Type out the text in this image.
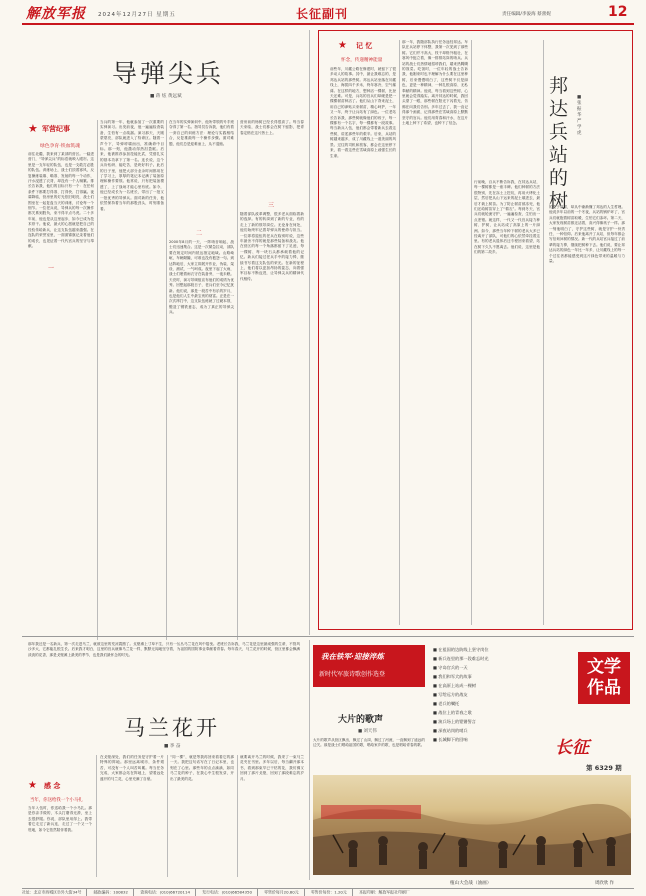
解放军报 2024年12月27日 星期五	长征副刊	责任编辑/李浚海 蔡蕾妮	12
导弹尖兵
■ 蒋 炫 黄远斌
★ 军营纪事
绿色孕育·铁血筑魂
前往北疆，我来到了某部的营区。一踏进营门，“导弹尖兵”的标语就映入眼帘。这里是一支年轻的队伍，也是一支敢打必胜的队伍。训练场上，战士们顶着寒风，反复操练装填、瞄准、发射的每一个动作，汗水浸透了衣背，却没有一个人喊累。排长告诉我，他们的目标只有一个：在任何条件下都要打得准、打得快、打得赢。夜幕降临，营房里的灯光依旧明亮，战士们围坐在一起复盘当天的训练，讨论每一个细节。一位老兵说，导弹兵的每一次操作都关系到胜负，来不得半点马虎。二十多年前，他也是从这里起步，如今已成为技术骨干。他说，最大的心愿就是把自己的经验传给新兵，让这支队伍越来越强。在连队的荣誉室里，一面面锦旗记录着他们的成长，也见证着一代代官兵的坚守与奉献。
当兵的第一年，他就参加了一次重要的实弹演习。出发前夜，他一遍遍检查装备，生怕有一点疏漏。演习那天，天刚蒙蒙亮，部队就进入了待命区。随着一声令下，导弹呼啸而出，准确命中目标。那一刻，他激动得热泪盈眶。后来，他被推荐参加技能比武，凭借扎实的基本功拿下了第一名。连长说，这个兵肯钻研、能吃苦，是块好料子。此后的日子里，他把大部分业余时间都用在了学习上，厚厚的笔记本记满了装备原理和操作要领。他常说，只有把装备摸透了，上了战场才能心里有底。如今，他已经成长为一名班长，带出了一批又一批优秀的导弹兵。面对新的任务，他依然保持着当年的那股劲头，时刻准备着。
一
在当年的实弹演训中，他所带领的号手班夺得了第一名。指导员告诉我，他们有着一套自己的训练方法：理论与实践相结合，反复推敲每一个操作步骤。面对难题，他们总是迎难而上，从不退缩。
二
2000年8月的一天，一阵哨音响起，战士们迅速集合。这是一次紧急拉动，部队要在规定时间内抵达指定地域。山路崎岖，车辆颠簸，可谁也没有抱怨一句。到达阵地后，大家立即展开作业，伪装、架设、测试，一气呵成。夜里下起了大雨，战士们裹着雨衣守在装备旁，一夜未眠。天亮时，演习导调组宣布他们的成绩为优秀。回想起那段日子，老兵们至今记忆犹新。他们说，那是一段苦中有乐的岁月，也是他们人生中最宝贵的财富。正是在一次次摔打中，这支队伍练就了过硬本领，锻造了钢铁意志，成为了真正的导弹尖兵。
营房前的杨树已经长得很高了。每当春天来临，战士们都会在树下留影，把青春定格在这片热土上。
三
随着部队改革调整，很多老兵面临着新的选择。有的转岗到了新的专业，有的走上了新的领导岗位。无论身在何处，他们始终牢记着导弹兵的使命与担当。一位即将退伍的老兵在临别时说，这些年最舍不得的就是那些装备和战友。他在营区的每一个角落都留下了足迹，每一棵树、每一块石头都承载着他的记忆。新兵们接过老兵手中的接力棒，继续书写着这支队伍的荣光。在新的征程上，他们将以更加昂扬的姿态，向着强军目标不断迈进，让导弹尖兵的精神代代相传。
★ 记 忆
怀念，传递精神能量
前些年，川藏公路在修建时，就留下了很多动人的故事。其中，最让我难忘的，是邦达兵站的那些树。邦达兵站坐落在川藏线上，海拔四千多米，终年寒冷，空气稀薄。在这样的地方，想种活一棵树，比登天还难。可是，兵站的官兵们却硬是把一棵棵树苗种活了。他们从山下背来泥土，用自己的津贴买来树苗，精心呵护，一年又一年，终于让兵站有了绿色。一位老站长告诉我，那些树就像他们的孩子，每一棵都有一个名字，每一棵都有一段故事。每当新兵入伍，他们都会带着新兵去看这些树，讲述那些年的艰辛。后来，兵站的树越来越多，成了川藏线上一道美丽的风景。过往的司机和旅客，都会在这里停下来，看一看这些在雪域高原上顽强生长的生命。
那一年，我随部队执行任务途经邦达。车队在兵站停下休整，我第一次见到了那些树。它们并不高大，枝干却格外粗壮，在寒风中挺立着，像一排排站岗的哨兵。兵站的战士们热情地招呼我们，端来热腾腾的饭菜。吃饭时，一位年轻的战士告诉我，他刚来时也不理解为什么要在这里种树，后来慢慢明白了，这些树不仅是绿色，更是一种精神，一种扎根高原、无私奉献的精神。他说，每当看到这些树，心里就会觉得踏实。离开邦达的时候，我回头望了一眼，那些树在阳光下闪着光，仿佛在向我们告别。多年过去了，我一直记得那个画面，记得那些在雪域高原上默默坚守的官兵。他们用青春和汗水，在这片土地上种下了希望，也种下了信念。
行前晚，百兵不断告诉我，在邦达兵站，每一棵树都是一座丰碑。他们种树的方法很特别，先在冻土上挖坑，再用火烤化土层，然后把从山下运来的泥土填进去，最后才栽上树苗。为了防止树苗被冻死，他们还给树苗穿上了“棉衣”。每到冬天，官兵们就轮流守护，一遍遍检查，生怕出一点差错。就这样，一代又一代官兵接力种树、护树，让兵站成了高原上的一片绿洲。如今，那些当年种下树的老兵大多已经离开了部队，可他们的心依然牵挂着这里。有的老兵退休后还专程回来看望，站在树下久久不愿离去。他们说，这里是他们的第二故乡。
邦达兵站的树
■ 张振华 严学虎
的性子常常，却从中渐渐懂了邦达的人生哲理。他说多年以前的一个冬夜，兵站的锅炉坏了，官兵们就抱着树苗取暖，生怕它们冻坏。第二天，大家发现树苗都还活着，高兴得像孩子一样。那一刻他明白了，守护这些树，就是守护一份责任、一种信仰。后来他离开了兵站，但每年都会写信询问树的情况。新一代的兵站官兵接过了前辈的接力棒，继续把树种下去。他们说，要让邦达兵站的绿色一年比一年多，让川藏线上的每一个过往者都能感受到这片绿色带来的温暖与力量。
马兰花开
■ 李 奋
那年我还是一名新兵，第一次走进马兰，就被这里的荒凉震撼了。戈壁滩上寸草不生，只有一丛丛马兰花在风中摇曳。老班长告诉我，马兰花是这里最顽强的生命，不管风沙多大，它都能扎根生长。后来我才明白，这里的官兵就像马兰花一样，默默无闻地坚守着，为祖国的国防事业奉献着青春。每年春天，马兰花开的时候，营区里都会飘满淡淡的花香，那是戈壁滩上最美的季节，也是我们最怀念的时光。
★ 感 念
当年，你送给我一个小马扎
当年入伍时，你送给我一个小马扎。那是你亲手做的，木头打磨得光滑，坐上去很舒服。你说，部队里用得上。我带着它走过了新兵连，走过了一个又一个驻地，如今它依然陪伴着我。
在戈壁深处，我们的任务是守护着一片特殊的阵地。那里远离城市，条件艰苦，可没有一个人叫苦叫累。每当任务完成，大家都会站在阵地上，望着远处盛开的马兰花，心里充满了自豪。
“同一棵”，就是等我再回来看看它的那一天。我把这句话写在了日记本里，也刻在了心里。那些年的点点滴滴，如同马兰花的种子，在我心中生根发芽，开出了最美的花。
就要离开马兰的时候，我采了一束马兰花夹在书里。多年以后，每当翻开那本书，看到那束早已干枯的花，我仿佛又回到了那片戈壁，回到了那段难忘的岁月。
我在铁军·迎接淬炼
新时代军旅诗歌创作选登
大片的歌声
■ 刘天伟
大片的歌声从营区飘出，飘过了山岗，飘过了河流，一直飘到了遥远的边关。那是战士们唱给祖国的歌，唱给家乡的歌，也是唱给青春的歌。
■ 在祖国的边防线上坚守岗位
■ 新兵连里的那一段难忘时光
■ 守岛官兵的一天
■ 我们和军犬的故事
■ 在高原上站成一棵树
■ 写给远方的战友
■ 老兵的嘱托
■ 战位上的青春之歌
■ 演兵场上的铿锵誓言
■ 深夜站岗的哨兵
■ 长城脚下的回响
文学作品
长征
第 6329 期
植山大会战（油画）	周欣欣 作
社址：北京市西城区阜外大街34号	邮政编码：100832	查询电话：(010)66720114	发行电话：(010)66584350	零售价每月20.80元	零售价每份：1.20元	本报印刷：解放军报社印刷厂
